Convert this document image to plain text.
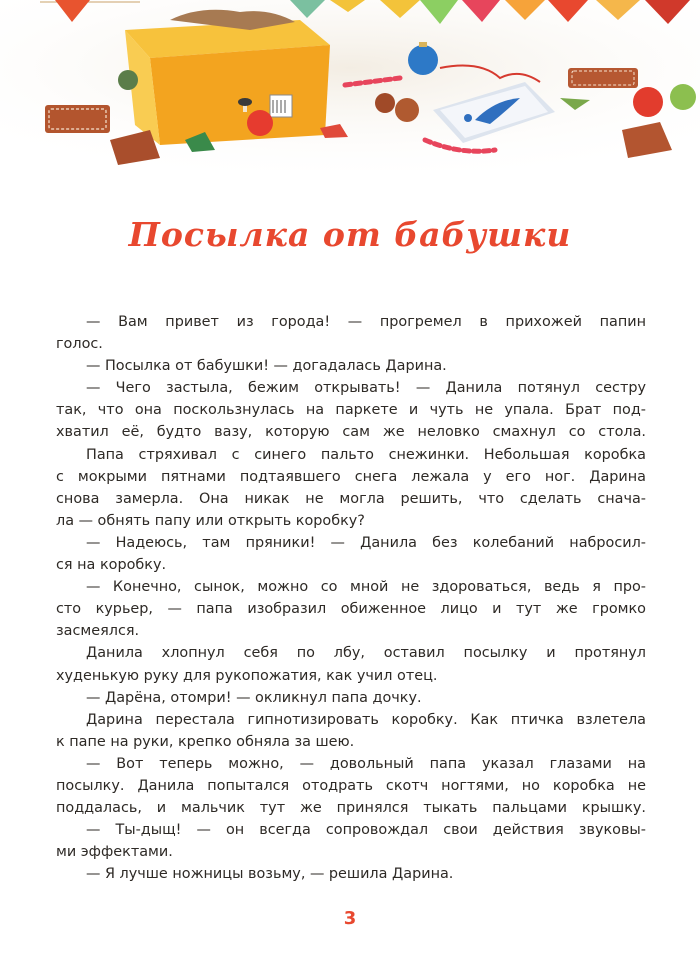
Посылка от бабушки
— Вам привет из города! — прогремел в прихожей папин
голос.
— Посылка от бабушки! — догадалась Дарина.
— Чего застыла, бежим открывать! — Данила потянул сестру
так, что она поскользнулась на паркете и чуть не упала. Брат под-
хватил её, будто вазу, которую сам же неловко смахнул со стола.
Папа стряхивал с синего пальто снежинки. Небольшая коробка
с мокрыми пятнами подтаявшего снега лежала у его ног. Дарина
снова замерла. Она никак не могла решить, что сделать снача-
ла — обнять папу или открыть коробку?
— Надеюсь, там пряники! — Данила без колебаний набросил-
ся на коробку.
— Конечно, сынок, можно со мной не здороваться, ведь я про-
сто курьер, — папа изобразил обиженное лицо и тут же громко
засмеялся.
Данила хлопнул себя по лбу, оставил посылку и протянул
худенькую руку для рукопожатия, как учил отец.
— Дарёна, отомри! — окликнул папа дочку.
Дарина перестала гипнотизировать коробку. Как птичка взлетела
к папе на руки, крепко обняла за шею.
— Вот теперь можно, — довольный папа указал глазами на
посылку. Данила попытался отодрать скотч ногтями, но коробка не
поддалась, и мальчик тут же принялся тыкать пальцами крышку.
— Ты-дыщ! — он всегда сопровождал свои действия звуковы-
ми эффектами.
— Я лучше ножницы возьму, — решила Дарина.
3
